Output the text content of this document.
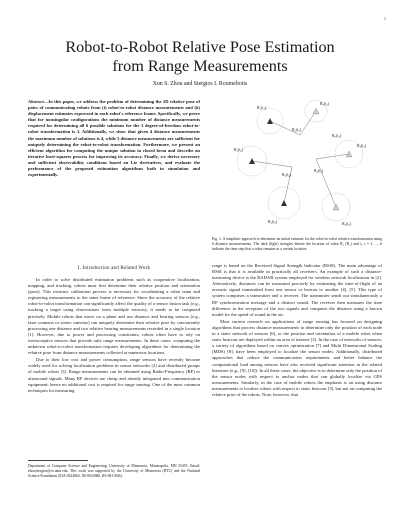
1
Robot-to-Robot Relative Pose Estimation
from Range Measurements
Xun S. Zhou and Stergios I. Roumeliotis

Abstract—In this paper, we address the problem of determining the 2D relative pose of pairs of communicating robots from (i) robot-to-robot distance measurements and (ii) displacement estimates expressed in each robot's reference frame. Specifically, we prove that for nonsingular configurations the minimum number of distance measurements required for determining all 6 possible solutions for the 3 degree-of-freedom robot-to-robot transformation is 3. Additionally, we show that given 4 distance measurements the maximum number of solutions is 4, while 5 distance measurements are sufficient for uniquely determining the robot-to-robot transformation. Furthermore, we present an efficient algorithm for computing the unique solution in closed form and describe an iterative least-squares process for improving its accuracy. Finally, we derive necessary and sufficient observability conditions based on Lie derivatives, and evaluate the performance of the proposed estimation algorithms both in simulation and experimentally.

I. Introduction and Related Work

In order to solve distributed estimation problems such as cooperative localization, mapping, and tracking, robots must first determine their relative position and orientation (pose). This extrinsic calibration process is necessary for coordinating a robot team and registering measurements to the same frame of reference. Since the accuracy of the relative robot-to-robot transformation can significantly affect the quality of a sensor fusion task (e.g., tracking a target using observations from multiple sensors), it needs to be computed precisely. Mobile robots that move on a plane and use distance and bearing sensors (e.g., laser scanners or stereo cameras) can uniquely determine their relative pose by concurrently processing one distance and two relative bearing measurements recorded in a single location [1]. However, due to power and processing constraints, robots often have to rely on exteroceptive sensors that provide only range measurements. In these cases, computing the unknown robot-to-robot transformation requires developing algorithms for determining the relative pose from distance measurements collected at numerous locations.

Due to their low cost and power consumption, range sensors have recently become widely used for solving localization problems in sensor networks [2] and distributed groups of mobile robots [3]. Range measurements can be obtained using Radio-Frequency (RF) or ultrasound signals. Many RF devices are cheap and already integrated into communication equipment; hence no additional cost is required for range sensing. One of the most common techniques for measuring

Department of Computer Science and Engineering, University of Minnesota, Minneapolis, MN 55455. Email: zhou|stergios@cs.umn.edu. This work was supported by the University of Minnesota (DTC) and the National Science Foundation (EIA-0324864, IIS-0643680, IIS-0811946).
R₁(t₁)
R₂(t₁)
R₁(t₂)
R₂(t₂)
R₁(t₃)
R₂(t₃)
R₁(t₄)
R₂(t₅)
R₁(t₆)	R₂(t₆)
Fig. 1. A simplistic approach to determine an initial estimate for the robot-to-robot relative transformation using 6 distance measurements. The dark (light) triangles denote the location of robot R₁ (R₂) and tᵢ, i = 1, ..., 6 indicate the time step that a robot remains at a certain location.

range is based on the Received Signal Strength Indicator (RSSI). The main advantage of RSSI is that it is available in practically all receivers. An example of such a distance-measuring device is the RADAR system employed for wireless network localization in [2]. Alternatively, distances can be measured precisely by estimating the time-of-flight of an acoustic signal transmitted from one sensor or beacon to another [4], [5]. This type of system comprises a transmitter and a receiver. The transmitter sends out simultaneously a RF synchronization message and a distinct sound. The receiver then measures the time difference in the reception of the two signals and computes the distance using a known model for the speed of sound in the air.

Most current research on applications of range sensing has focused on designing algorithms that process distance measurements to determine only the position of each node in a static network of sensors [6], or the position and orientation of a mobile robot when static beacons are deployed within an area of interest [3]. In the case of networks of sensors, a variety of algorithms based on convex optimization [7] and Multi Dimensional Scaling (MDS) [8], have been employed to localize the sensor nodes. Additionally, distributed approaches that reduce the communication requirements and better balance the computational load among sensors have also received significant attention in the related literature (e.g., [9], [10]). In all these cases, the objective is to determine only the position of the sensor nodes with respect to anchor nodes that can globally localize via GPS measurements. Similarly, in the case of mobile robots the emphasis is on using distance measurements to localize robots with respect to static beacons [3], but not on computing the relative pose of the robots. Note, however, that
